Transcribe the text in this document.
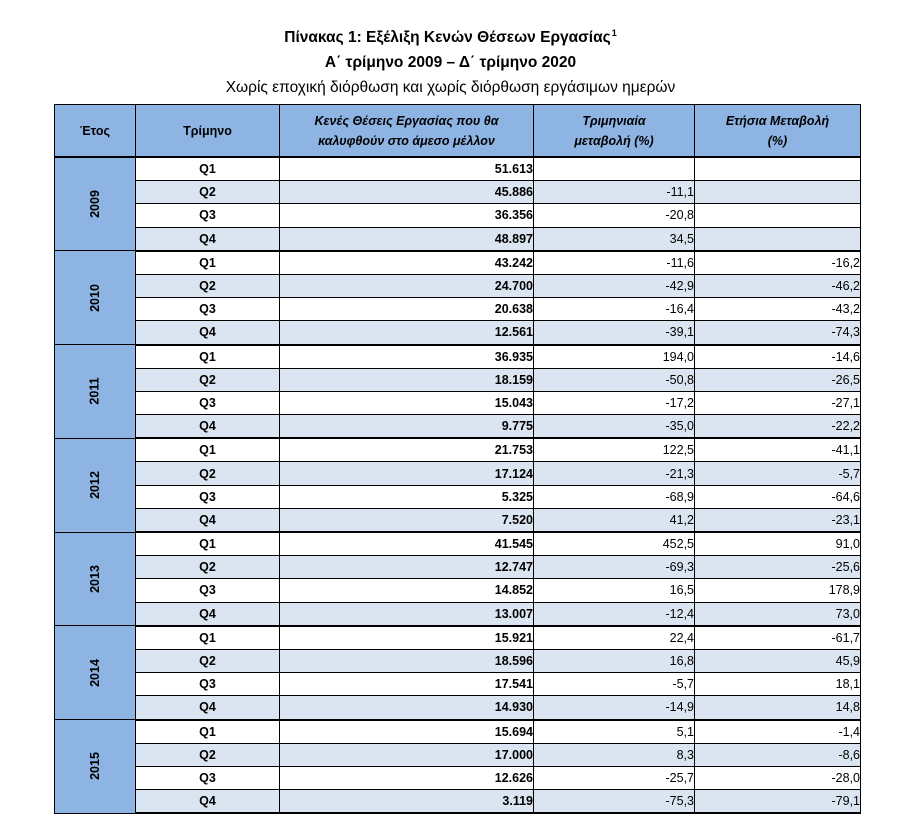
Πίνακας 1: Εξέλιξη Κενών Θέσεων Εργασίας$^1$
Α΄ τρίμηνο 2009 – Δ΄ τρίμηνο 2020
Χωρίς εποχική διόρθωση και χωρίς διόρθωση εργάσιμων ημερών
Έτος	Τρίμηνο	Κενές Θέσεις Εργασίας που θα
καλυφθούν στο άμεσο μέλλον	Τριμηνιαία
μεταβολή (%)	Ετήσια Μεταβολή
(%)
2009	Q1	51.613		
	Q2	45.886	-11,1	
	Q3	36.356	-20,8	
	Q4	48.897	34,5	
2010	Q1	43.242	-11,6	-16,2
	Q2	24.700	-42,9	-46,2
	Q3	20.638	-16,4	-43,2
	Q4	12.561	-39,1	-74,3
2011	Q1	36.935	194,0	-14,6
	Q2	18.159	-50,8	-26,5
	Q3	15.043	-17,2	-27,1
	Q4	9.775	-35,0	-22,2
2012	Q1	21.753	122,5	-41,1
	Q2	17.124	-21,3	-5,7
	Q3	5.325	-68,9	-64,6
	Q4	7.520	41,2	-23,1
2013	Q1	41.545	452,5	91,0
	Q2	12.747	-69,3	-25,6
	Q3	14.852	16,5	178,9
	Q4	13.007	-12,4	73,0
2014	Q1	15.921	22,4	-61,7
	Q2	18.596	16,8	45,9
	Q3	17.541	-5,7	18,1
	Q4	14.930	-14,9	14,8
2015	Q1	15.694	5,1	-1,4
	Q2	17.000	8,3	-8,6
	Q3	12.626	-25,7	-28,0
	Q4	3.119	-75,3	-79,1
